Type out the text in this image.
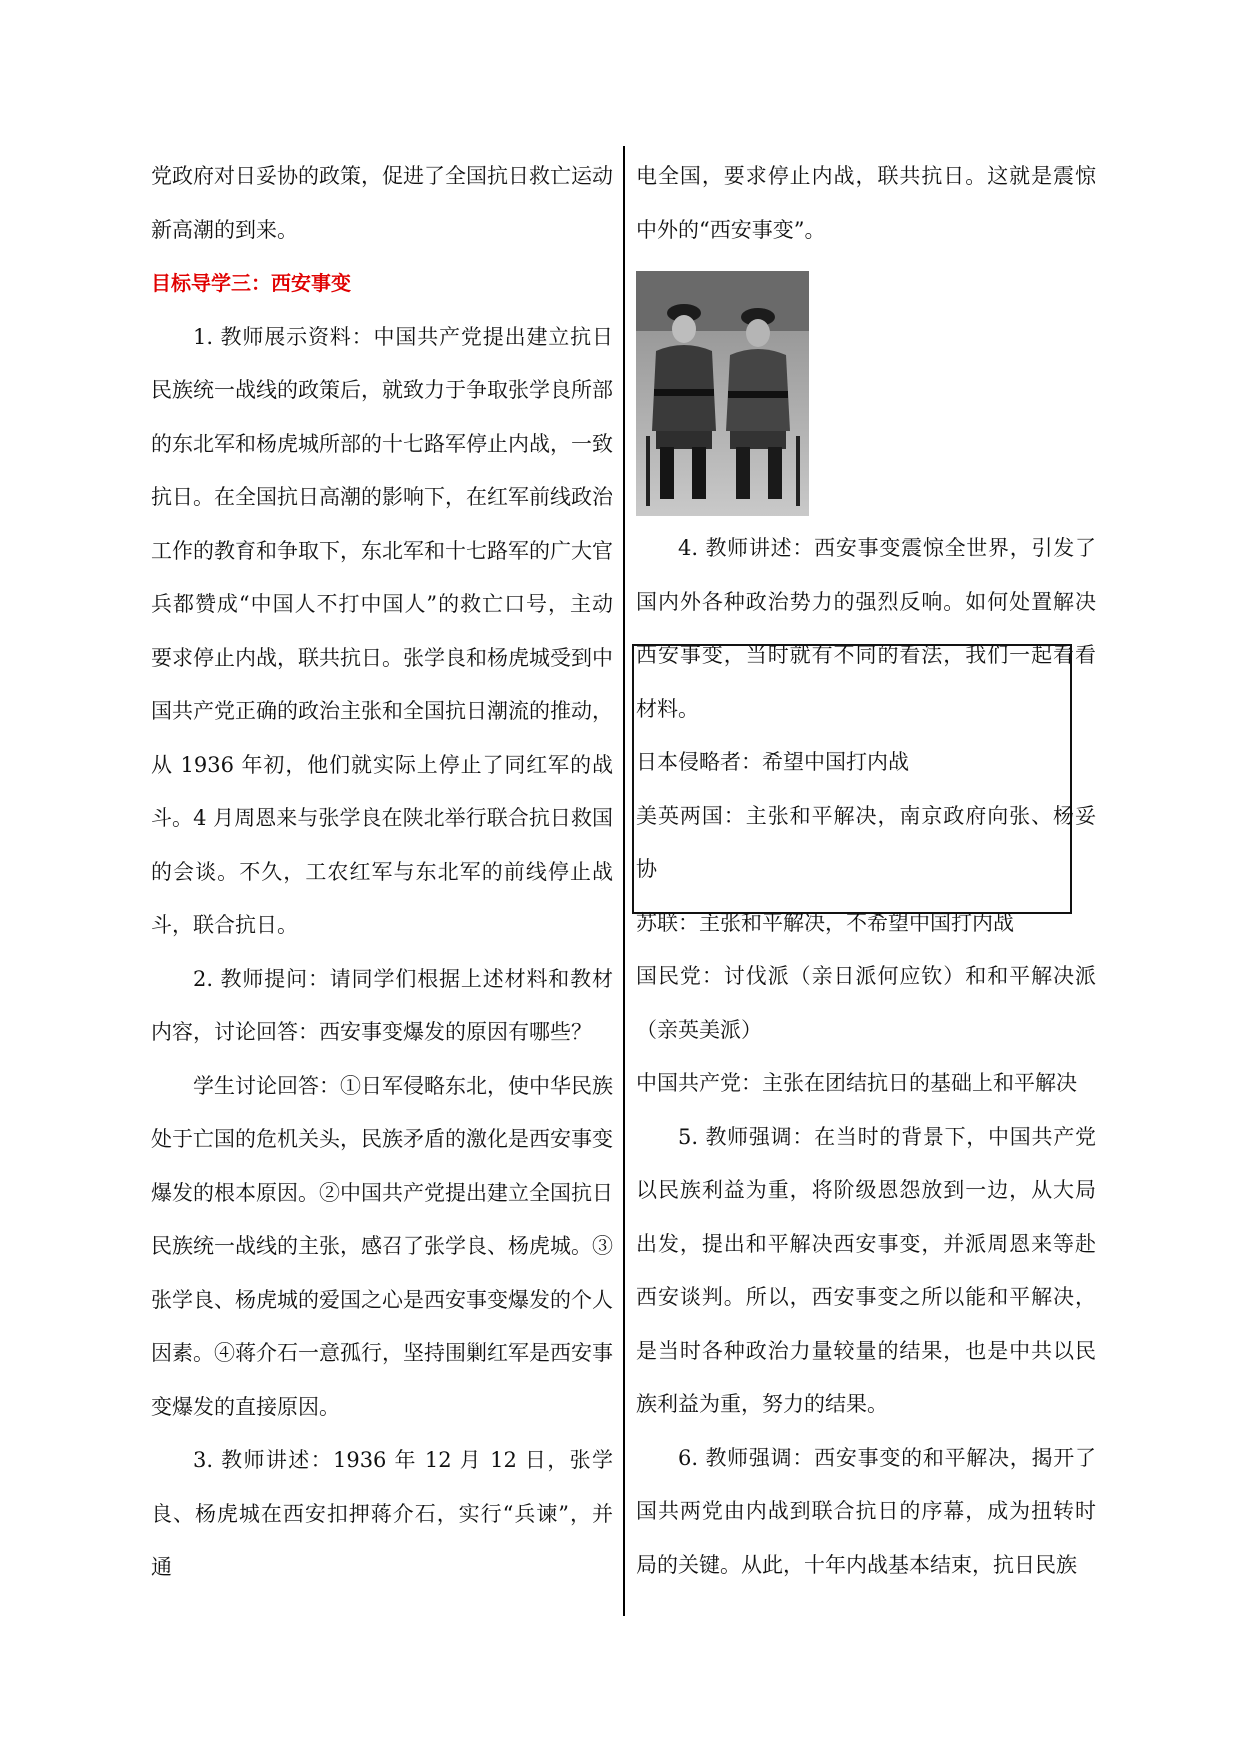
党政府对日妥协的政策，促进了全国抗日救亡运动新高潮的到来。

目标导学三：西安事变

1. 教师展示资料：中国共产党提出建立抗日民族统一战线的政策后，就致力于争取张学良所部的东北军和杨虎城所部的十七路军停止内战，一致抗日。在全国抗日高潮的影响下，在红军前线政治工作的教育和争取下，东北军和十七路军的广大官兵都赞成“中国人不打中国人”的救亡口号，主动要求停止内战，联共抗日。张学良和杨虎城受到中国共产党正确的政治主张和全国抗日潮流的推动，从 1936 年初，他们就实际上停止了同红军的战斗。4 月周恩来与张学良在陕北举行联合抗日救国的会谈。不久，工农红军与东北军的前线停止战斗，联合抗日。

2. 教师提问：请同学们根据上述材料和教材内容，讨论回答：西安事变爆发的原因有哪些？

学生讨论回答：①日军侵略东北，使中华民族处于亡国的危机关头，民族矛盾的激化是西安事变爆发的根本原因。②中国共产党提出建立全国抗日民族统一战线的主张，感召了张学良、杨虎城。③张学良、杨虎城的爱国之心是西安事变爆发的个人因素。④蒋介石一意孤行，坚持围剿红军是西安事变爆发的直接原因。

3. 教师讲述：1936 年 12 月 12 日，张学良、杨虎城在西安扣押蒋介石，实行“兵谏”，并通

电全国，要求停止内战，联共抗日。这就是震惊中外的“西安事变”。

4. 教师讲述：西安事变震惊全世界，引发了国内外各种政治势力的强烈反响。如何处置解决西安事变，当时就有不同的看法，我们一起看看材料。

日本侵略者：希望中国打内战

美英两国：主张和平解决，南京政府向张、杨妥协

苏联：主张和平解决，不希望中国打内战

国民党：讨伐派（亲日派何应钦）和和平解决派（亲英美派）

中国共产党：主张在团结抗日的基础上和平解决

5. 教师强调：在当时的背景下，中国共产党以民族利益为重，将阶级恩怨放到一边，从大局出发，提出和平解决西安事变，并派周恩来等赴西安谈判。所以，西安事变之所以能和平解决，是当时各种政治力量较量的结果，也是中共以民族利益为重，努力的结果。

6. 教师强调：西安事变的和平解决，揭开了国共两党由内战到联合抗日的序幕，成为扭转时局的关键。从此，十年内战基本结束，抗日民族
